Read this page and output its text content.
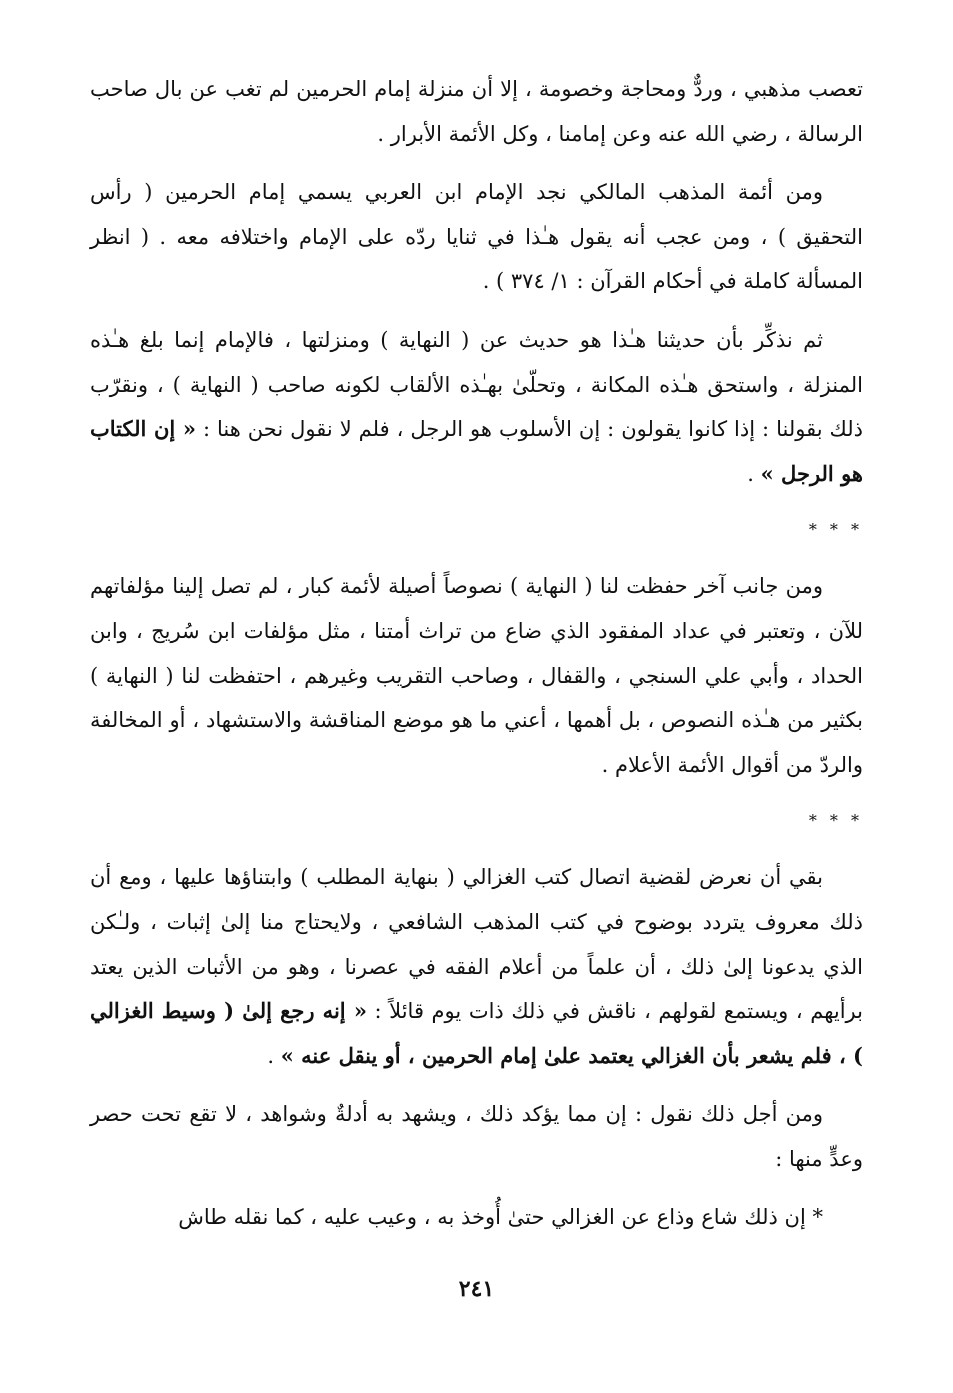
تعصب مذهبي ، وردٌّ ومحاجة وخصومة ، إلا أن منزلة إمام الحرمين لم تغب عن بال صاحب الرسالة ، رضي الله عنه وعن إمامنا ، وكل الأئمة الأبرار .

ومن أئمة المذهب المالكي نجد الإمام ابن العربي يسمي إمام الحرمين ( رأس التحقيق ) ، ومن عجب أنه يقول هـٰذا في ثنايا ردّه على الإمام واختلافه معه . ( انظر المسألة كاملة في أحكام القرآن : ١/ ٣٧٤ ) .

ثم نذكِّر بأن حديثنا هـٰذا هو حديث عن ( النهاية ) ومنزلتها ، فالإمام إنما بلغ هـٰذه المنزلة ، واستحق هـٰذه المكانة ، وتحلّىٰ بهـٰذه الألقاب لكونه صاحب ( النهاية ) ، ونقرّب ذلك بقولنا : إذا كانوا يقولون : إن الأسلوب هو الرجل ، فلم لا نقول نحن هنا : « إن الكتاب هو الرجل » .

* * *

ومن جانب آخر حفظت لنا ( النهاية ) نصوصاً أصيلة لأئمة كبار ، لم تصل إلينا مؤلفاتهم للآن ، وتعتبر في عداد المفقود الذي ضاع من تراث أمتنا ، مثل مؤلفات ابن سُريج ، وابن الحداد ، وأبي علي السنجي ، والقفال ، وصاحب التقريب وغيرهم ، احتفظت لنا ( النهاية ) بكثير من هـٰذه النصوص ، بل أهمها ، أعني ما هو موضع المناقشة والاستشهاد ، أو المخالفة والردّ من أقوال الأئمة الأعلام .

* * *

بقي أن نعرض لقضية اتصال كتب الغزالي ( بنهاية المطلب ) وابتناؤها عليها ، ومع أن ذلك معروف يتردد بوضوح في كتب المذهب الشافعي ، ولايحتاج منا إلىٰ إثبات ، ولـٰكن الذي يدعونا إلىٰ ذلك ، أن علماً من أعلام الفقه في عصرنا ، وهو من الأثبات الذين يعتد برأيهم ، ويستمع لقولهم ، ناقش في ذلك ذات يوم قائلاً : « إنه رجع إلىٰ ( وسيط الغزالي ) ، فلم يشعر بأن الغزالي يعتمد علىٰ إمام الحرمين ، أو ينقل عنه » .

ومن أجل ذلك نقول : إن مما يؤكد ذلك ، ويشهد به أدلةٌ وشواهد ، لا تقع تحت حصر وعدٍّ منها :

* إن ذلك شاع وذاع عن الغزالي حتىٰ أُوخذ به ، وعيب عليه ، كما نقله طاش

٢٤١
